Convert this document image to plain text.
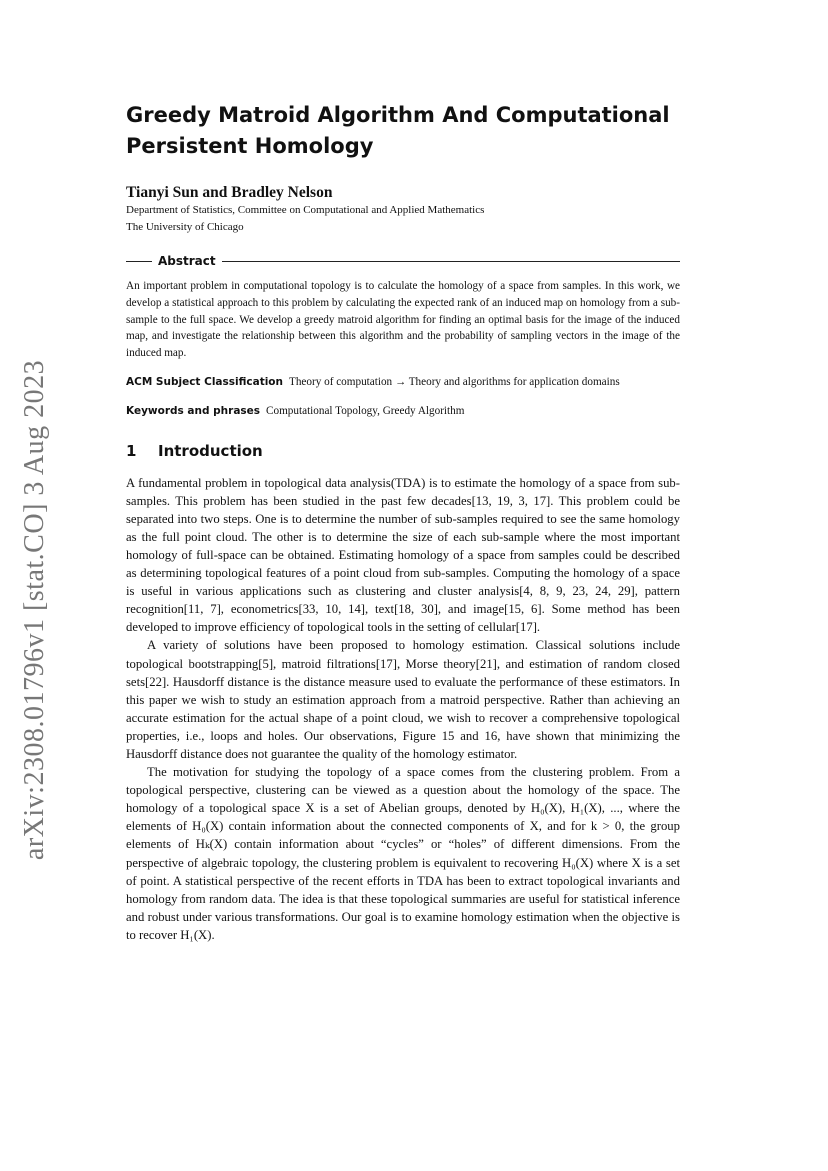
arXiv:2308.01796v1 [stat.CO] 3 Aug 2023
Greedy Matroid Algorithm And Computational Persistent Homology
Tianyi Sun and Bradley Nelson
Department of Statistics, Committee on Computational and Applied Mathematics
The University of Chicago
Abstract
An important problem in computational topology is to calculate the homology of a space from samples. In this work, we develop a statistical approach to this problem by calculating the expected rank of an induced map on homology from a sub-sample to the full space. We develop a greedy matroid algorithm for finding an optimal basis for the image of the induced map, and investigate the relationship between this algorithm and the probability of sampling vectors in the image of the induced map.
ACM Subject Classification Theory of computation → Theory and algorithms for application domains
Keywords and phrases Computational Topology, Greedy Algorithm
1 Introduction

A fundamental problem in topological data analysis(TDA) is to estimate the homology of a space from sub-samples. This problem has been studied in the past few decades[13, 19, 3, 17]. This problem could be separated into two steps. One is to determine the number of sub-samples required to see the same homology as the full point cloud. The other is to determine the size of each sub-sample where the most important homology of full-space can be obtained. Estimating homology of a space from samples could be described as determining topological features of a point cloud from sub-samples. Computing the homology of a space is useful in various applications such as clustering and cluster analysis[4, 8, 9, 23, 24, 29], pattern recognition[11, 7], econometrics[33, 10, 14], text[18, 30], and image[15, 6]. Some method has been developed to improve efficiency of topological tools in the setting of cellular[17].

A variety of solutions have been proposed to homology estimation. Classical solutions include topological bootstrapping[5], matroid filtrations[17], Morse theory[21], and estimation of random closed sets[22]. Hausdorff distance is the distance measure used to evaluate the performance of these estimators. In this paper we wish to study an estimation approach from a matroid perspective. Rather than achieving an accurate estimation for the actual shape of a point cloud, we wish to recover a comprehensive topological properties, i.e., loops and holes. Our observations, Figure 15 and 16, have shown that minimizing the Hausdorff distance does not guarantee the quality of the homology estimator.

The motivation for studying the topology of a space comes from the clustering problem. From a topological perspective, clustering can be viewed as a question about the homology of the space. The homology of a topological space X is a set of Abelian groups, denoted by H₀(X), H₁(X), ..., where the elements of H₀(X) contain information about the connected components of X, and for k > 0, the group elements of Hₖ(X) contain information about “cycles” or “holes” of different dimensions. From the perspective of algebraic topology, the clustering problem is equivalent to recovering H₀(X) where X is a set of point. A statistical perspective of the recent efforts in TDA has been to extract topological invariants and homology from random data. The idea is that these topological summaries are useful for statistical inference and robust under various transformations. Our goal is to examine homology estimation when the objective is to recover H₁(X).
